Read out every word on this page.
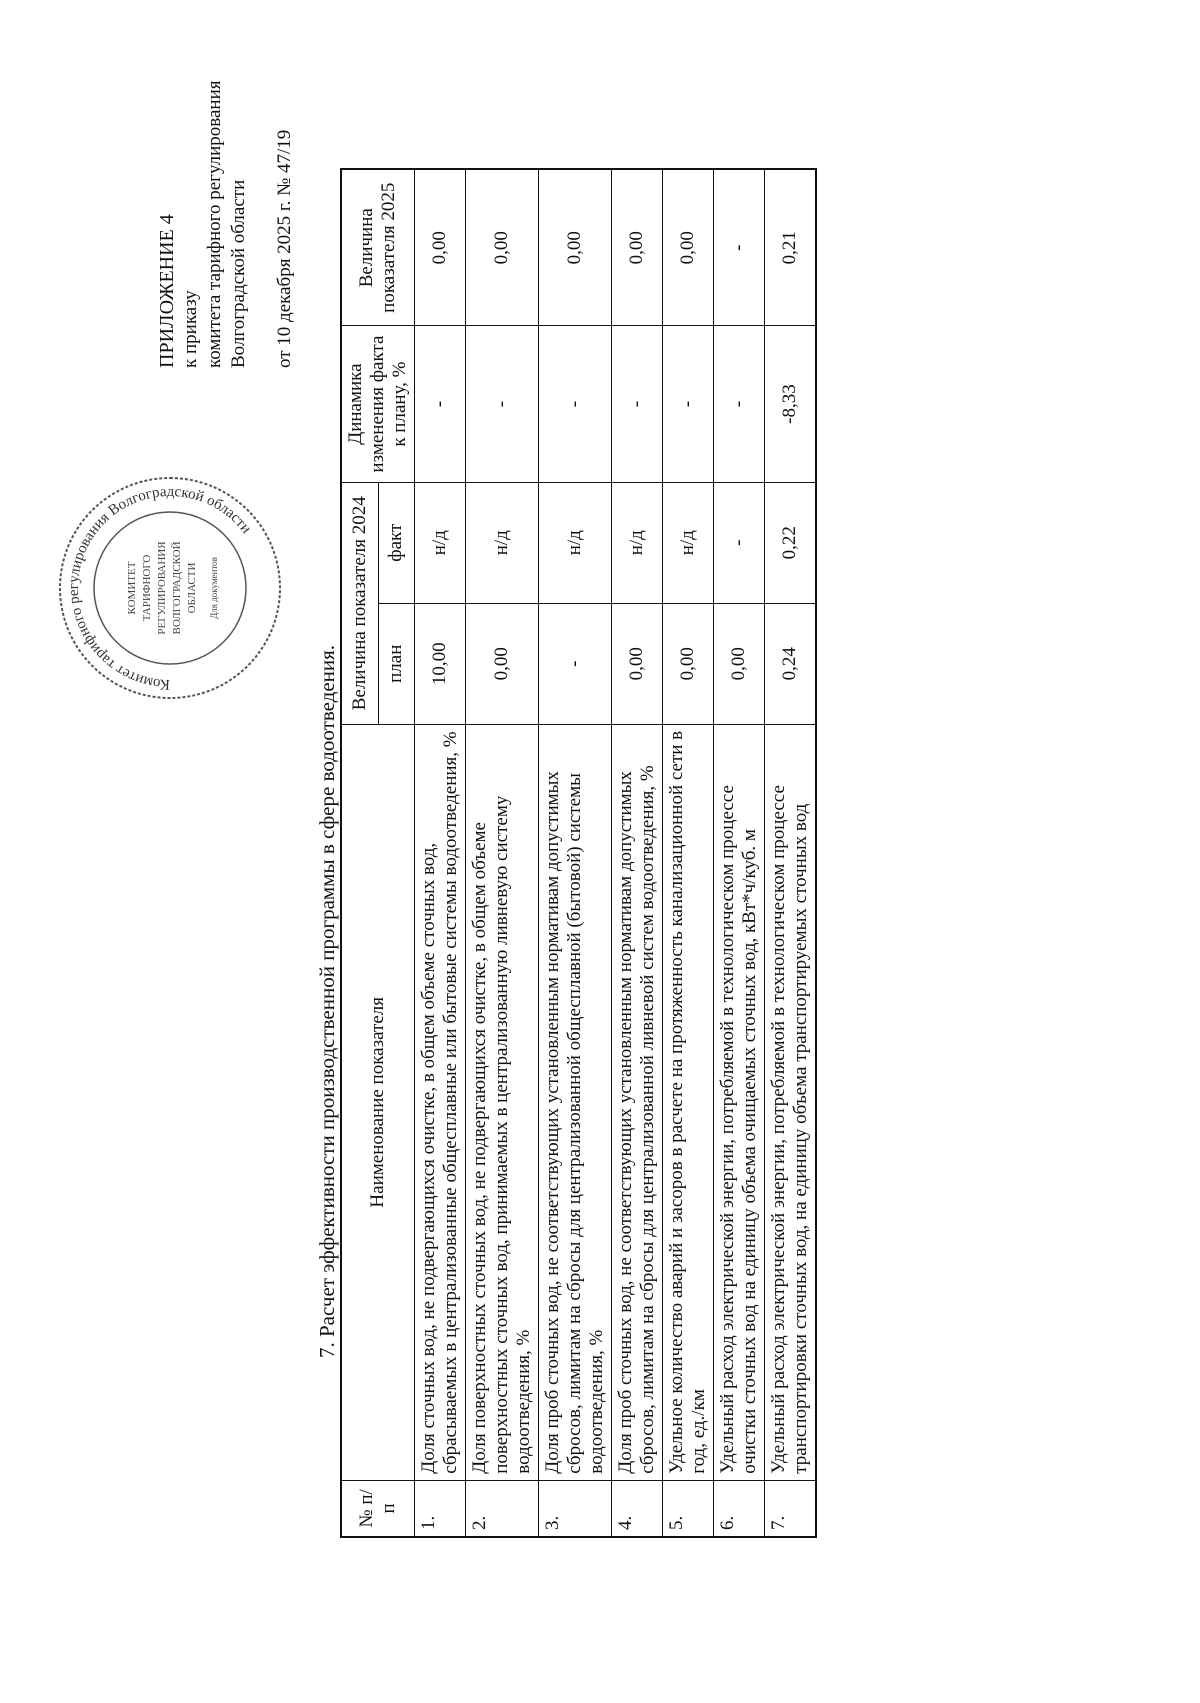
Комитет тарифного регулирования Волгоградской области
КОМИТЕТ ТАРИФНОГО РЕГУЛИРОВАНИЯ ВОЛГОГРАДСКОЙ ОБЛАСТИ Для документов
ПРИЛОЖЕНИЕ 4 к приказу комитета тарифного регулирования Волгоградской области от 10 декабря 2025 г. № 47/19
7. Расчет эффективности производственной программы в сфере водоотведения.
№ п/п	Наименование показателя	Величина показателя 2024		Динамика изменения факта к плану, %	Величина показателя 2025
		план	факт		
1.	Доля сточных вод, не подвергающихся очистке, в общем объеме сточных вод, сбрасываемых в централизованные общесплавные или бытовые системы водоотведения, %	10,00	н/д	-	0,00
2.	Доля поверхностных сточных вод, не подвергающихся очистке, в общем объеме поверхностных сточных вод, принимаемых в централизованную ливневую систему водоотведения, %	0,00	н/д	-	0,00
3.	Доля проб сточных вод, не соответствующих установленным нормативам допустимых сбросов, лимитам на сбросы для централизованной общесплавной (бытовой) системы водоотведения, %	-	н/д	-	0,00
4.	Доля проб сточных вод, не соответствующих установленным нормативам допустимых сбросов, лимитам на сбросы для централизованной ливневой систем водоотведения, %	0,00	н/д	-	0,00
5.	Удельное количество аварий и засоров в расчете на протяженность канализационной сети в год, ед./км	0,00	н/д	-	0,00
6.	Удельный расход электрической энергии, потребляемой в технологическом процессе очистки сточных вод на единицу объема очищаемых сточных вод, кВт*ч/куб. м	0,00	-	-	-
7.	Удельный расход электрической энергии, потребляемой в технологическом процессе транспортировки сточных вод, на единицу объема транспортируемых сточных вод	0,24	0,22	-8,33	0,21
